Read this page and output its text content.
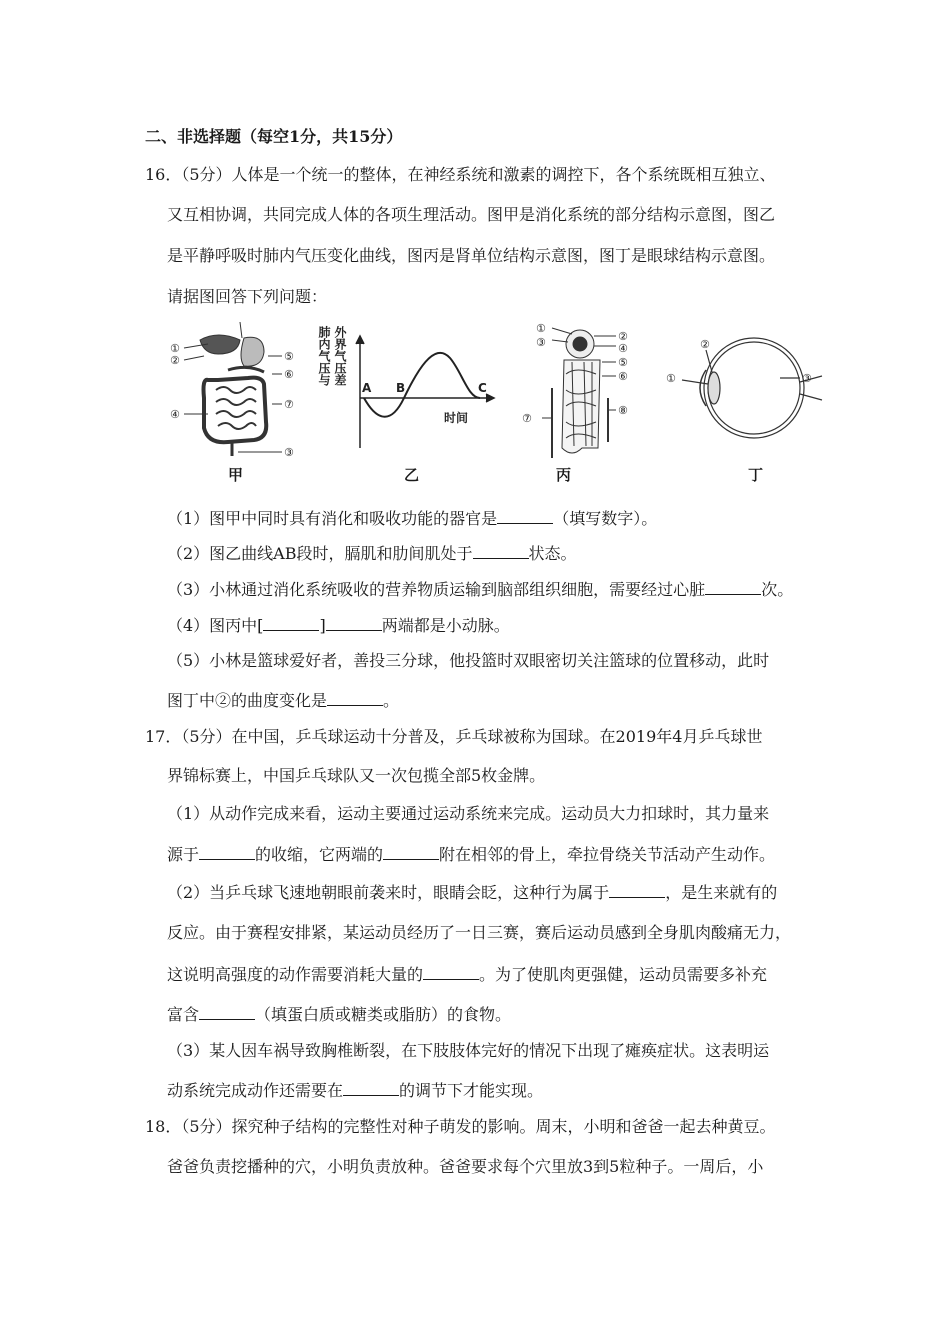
二、非选择题（每空1分，共15分）
16．（5分）人体是一个统一的整体，在神经系统和激素的调控下，各个系统既相互独立、
又互相协调，共同完成人体的各项生理活动。图甲是消化系统的部分结构示意图，图乙
是平静呼吸时肺内气压变化曲线，图丙是肾单位结构示意图，图丁是眼球结构示意图。
请据图回答下列问题：
①
②	⑤
⑥
⑦
④
③
甲
肺内气压与 外界气压差
A B	C
时间
乙
①
③	②
④
⑤
⑥
⑧
⑦
丙
①
②
③
丁
（1）图甲中同时具有消化和吸收功能的器官是	（填写数字）。
（2）图乙曲线AB段时，膈肌和肋间肌处于	状态。
（3）小林通过消化系统吸收的营养物质运输到脑部组织细胞，需要经过心脏	次。
（4）图丙中[	]	两端都是小动脉。
（5）小林是篮球爱好者，善投三分球，他投篮时双眼密切关注篮球的位置移动，此时
图丁中②的曲度变化是	。
17．（5分）在中国，乒乓球运动十分普及，乒乓球被称为国球。在2019年4月乒乓球世
界锦标赛上，中国乒乓球队又一次包揽全部5枚金牌。
（1）从动作完成来看，运动主要通过运动系统来完成。运动员大力扣球时，其力量来
源于	的收缩，它两端的	附在相邻的骨上，牵拉骨绕关节活动产生动作。
（2）当乒乓球飞速地朝眼前袭来时，眼睛会眨，这种行为属于	，是生来就有的
反应。由于赛程安排紧，某运动员经历了一日三赛，赛后运动员感到全身肌肉酸痛无力，
这说明高强度的动作需要消耗大量的	。为了使肌肉更强健，运动员需要多补充
富含	（填蛋白质或糖类或脂肪）的食物。
（3）某人因车祸导致胸椎断裂，在下肢肢体完好的情况下出现了瘫痪症状。这表明运
动系统完成动作还需要在	的调节下才能实现。
18．（5分）探究种子结构的完整性对种子萌发的影响。周末，小明和爸爸一起去种黄豆。
爸爸负责挖播种的穴，小明负责放种。爸爸要求每个穴里放3到5粒种子。一周后，小
